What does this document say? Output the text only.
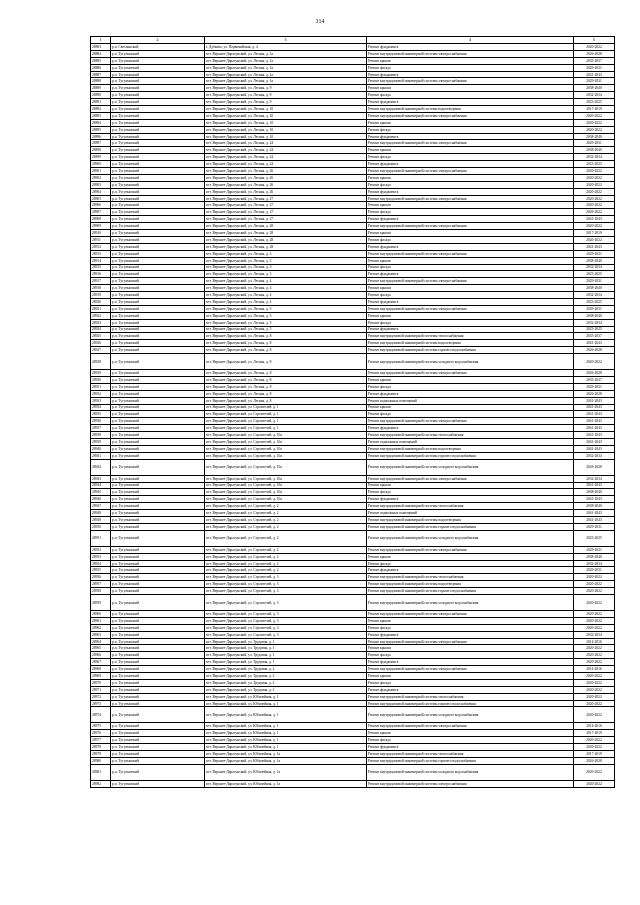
314
1	2	3	4	5
28883	р.п. Светлинский	г. Дубково, ул. Первомайская, д. 4	Ремонт фундамента	2020-2022
28884	р.п. Тугулымский	пгт. Верхнее-Дарасунский, ул. Лесная, д. 1а	Ремонт внутридомовой инженерной системы электроснабжения	2026-2028
28885	р.п. Тугулымский	пгт. Верхнее-Дарасунский, ул. Лесная, д. 1а	Ремонт крыши	2035-2037
28886	р.п. Тугулымский	пгт. Верхнее-Дарасунский, ул. Лесная, д. 1а	Ремонт фасада	2029-2031
28887	р.п. Тугулымский	пгт. Верхнее-Дарасунский, ул. Лесная, д. 1а	Ремонт фундамента	2041-2043
28888	р.п. Тугулымский	пгт. Верхнее-Дарасунский, ул. Лесная, д. 1а	Ремонт внутридомовой инженерной системы электроснабжения	2029-2031
28889	р.п. Тугулымский	пгт. Верхнее-Дарасунский, ул. Лесная, д. 9	Ремонт крыши	2038-2040
28890	р.п. Тугулымский	пгт. Верхнее-Дарасунский, ул. Лесная, д. 9	Ремонт фасада	2032-2034
28891	р.п. Тугулымский	пгт. Верхнее-Дарасунский, ул. Лесная, д. 9	Ремонт фундамента	2023-2025
28892	р.п. Тугулымский	пгт. Верхнее-Дарасунский, ул. Лесная, д. 10	Ремонт внутридомовой инженерной системы водоотведения	2017-2019
28893	р.п. Тугулымский	пгт. Верхнее-Дарасунский, ул. Лесная, д. 10	Ремонт внутридомовой инженерной системы электроснабжения	2020-2022
28894	р.п. Тугулымский	пгт. Верхнее-Дарасунский, ул. Лесная, д. 10	Ремонт крыши	2020-2022
28895	р.п. Тугулымский	пгт. Верхнее-Дарасунский, ул. Лесная, д. 10	Ремонт фасада	2020-2022
28896	р.п. Тугулымский	пгт. Верхнее-Дарасунский, ул. Лесная, д. 10	Ремонт фундамента	2038-2040
28897	р.п. Тугулымский	пгт. Верхнее-Дарасунский, ул. Лесная, д. 24	Ремонт внутридомовой инженерной системы электроснабжения	2029-2031
28898	р.п. Тугулымский	пгт. Верхнее-Дарасунский, ул. Лесная, д. 24	Ремонт крыши	2038-2040
28899	р.п. Тугулымский	пгт. Верхнее-Дарасунский, ул. Лесная, д. 24	Ремонт фасада	2032-2034
28900	р.п. Тугулымский	пгт. Верхнее-Дарасунский, ул. Лесная, д. 24	Ремонт фундамента	2023-2025
28901	р.п. Тугулымский	пгт. Верхнее-Дарасунский, ул. Лесная, д. 26	Ремонт внутридомовой инженерной системы электроснабжения	2020-2022
28902	р.п. Тугулымский	пгт. Верхнее-Дарасунский, ул. Лесная, д. 26	Ремонт крыши	2020-2022
28903	р.п. Тугулымский	пгт. Верхнее-Дарасунский, ул. Лесная, д. 26	Ремонт фасада	2020-2022
28904	р.п. Тугулымский	пгт. Верхнее-Дарасунский, ул. Лесная, д. 26	Ремонт фундамента	2020-2022
28905	р.п. Тугулымский	пгт. Верхнее-Дарасунский, ул. Лесная, д. 27	Ремонт внутридомовой инженерной системы электроснабжения	2020-2022
28906	р.п. Тугулымский	пгт. Верхнее-Дарасунский, ул. Лесная, д. 27	Ремонт крыши	2020-2022
28907	р.п. Тугулымский	пгт. Верхнее-Дарасунский, ул. Лесная, д. 27	Ремонт фасада	2026-2022
28908	р.п. Тугулымский	пгт. Верхнее-Дарасунский, ул. Лесная, д. 27	Ремонт фундамента	2041-2043
28909	р.п. Тугулымский	пгт. Верхнее-Дарасунский, ул. Лесная, д. 28	Ремонт внутридомовой инженерной системы электроснабжения	2020-2022
28910	р.п. Тугулымский	пгт. Верхнее-Дарасунский, ул. Лесная, д. 28	Ремонт крыши	2017-2019
28911	р.п. Тугулымский	пгт. Верхнее-Дарасунский, ул. Лесная, д. 28	Ремонт фасада	2020-2022
28912	р.п. Тугулымский	пгт. Верхнее-Дарасунский, ул. Лесная, д. 28	Ремонт фундамента	2041-2043
28913	р.п. Тугулымский	пгт. Верхнее-Дарасунский, ул. Лесная, д. 3	Ремонт внутридомовой инженерной системы электроснабжения	2029-2031
28914	р.п. Тугулымский	пгт. Верхнее-Дарасунский, ул. Лесная, д. 3	Ремонт крыши	2038-2040
28915	р.п. Тугулымский	пгт. Верхнее-Дарасунский, ул. Лесная, д. 3	Ремонт фасада	2032-2034
28916	р.п. Тугулымский	пгт. Верхнее-Дарасунский, ул. Лесная, д. 3	Ремонт фундамента	2023-2025
28917	р.п. Тугулымский	пгт. Верхнее-Дарасунский, ул. Лесная, д. 4	Ремонт внутридомовой инженерной системы электроснабжения	2029-2031
28918	р.п. Тугулымский	пгт. Верхнее-Дарасунский, ул. Лесная, д. 4	Ремонт крыши	2038-2040
28919	р.п. Тугулымский	пгт. Верхнее-Дарасунский, ул. Лесная, д. 4	Ремонт фасада	2032-2034
28920	р.п. Тугулымский	пгт. Верхнее-Дарасунский, ул. Лесная, д. 4	Ремонт фундамента	2023-2025
28921	р.п. Тугулымский	пгт. Верхнее-Дарасунский, ул. Лесная, д. 5	Ремонт внутридомовой инженерной системы электроснабжения	2029-2031
28922	р.п. Тугулымский	пгт. Верхнее-Дарасунский, ул. Лесная, д. 5	Ремонт крыши	2038-2040
28923	р.п. Тугулымский	пгт. Верхнее-Дарасунский, ул. Лесная, д. 5	Ремонт фасада	2032-2034
28924	р.п. Тугулымский	пгт. Верхнее-Дарасунский, ул. Лесная, д. 5	Ремонт фундамента	2023-2025
28925	р.п. Тугулымский	пгт. Верхнее-Дарасунский, ул. Лесная, д. 8	Ремонт внутридомовой инженерной системы теплоснабжения	2035-2037
28926	р.п. Тугулымский	пгт. Верхнее-Дарасунский, ул. Лесная, д. 8	Ремонт внутридомовой инженерной системы водоотведения	2041-2043
28927	р.п. Тугулымский	пгт. Верхнее-Дарасунский, ул. Лесная, д. 8	Ремонт внутридомовой инженерной системы горячего водоснабжения	2026-2028
28928	р.п. Тугулымский	пгт. Верхнее-Дарасунский, ул. Лесная, д. 8	Ремонт внутридомовой инженерной системы холодного водоснабжения	2020-2022
28929	р.п. Тугулымский	пгт. Верхнее-Дарасунский, ул. Лесная, д. 8	Ремонт внутридомовой инженерной системы электроснабжения	2026-2028
28930	р.п. Тугулымский	пгт. Верхнее-Дарасунский, ул. Лесная, д. 8	Ремонт крыши	2035-2037
28931	р.п. Тугулымский	пгт. Верхнее-Дарасунский, ул. Лесная, д. 8	Ремонт фасада	2029-2031
28932	р.п. Тугулымский	пгт. Верхнее-Дарасунский, ул. Лесная, д. 8	Ремонт фундамента	2026-2028
28933	р.п. Тугулымский	пгт. Верхнее-Дарасунский, ул. Лесная, д. 8	Ремонт подвальных помещений	2041-2043
28934	р.п. Тугулымский	пгт. Верхнее-Дарасунский, ул. Строителей, д. 1	Ремонт крыши	2041-2043
28935	р.п. Тугулымский	пгт. Верхнее-Дарасунский, ул. Строителей, д. 1	Ремонт фасада	2041-2043
28936	р.п. Тугулымский	пгт. Верхнее-Дарасунский, ул. Строителей, д. 1	Ремонт внутридомовой инженерной системы электроснабжения	2041-2043
28937	р.п. Тугулымский	пгт. Верхнее-Дарасунский, ул. Строителей, д. 1	Ремонт фундамента	2041-2043
28938	р.п. Тугулымский	пгт. Верхнее-Дарасунский, ул. Строителей, д. 10а	Ремонт внутридомовой инженерной системы теплоснабжения	2041-2043
28939	р.п. Тугулымский	пгт. Верхнее-Дарасунский, ул. Строителей, д. 10а	Ремонт подвальных помещений	2041-2043
28940	р.п. Тугулымский	пгт. Верхнее-Дарасунский, ул. Строителей, д. 10а	Ремонт внутридомовой инженерной системы водоотведения	2041-2043
28941	р.п. Тугулымский	пгт. Верхнее-Дарасунский, ул. Строителей, д. 10а	Ремонт внутридомовой инженерной системы горячего водоснабжения	2032-2034
28942	р.п. Тугулымский	пгт. Верхнее-Дарасунский, ул. Строителей, д. 10а	Ремонт внутридомовой инженерной системы холодного водоснабжения	2026-2028
28943	р.п. Тугулымский	пгт. Верхнее-Дарасунский, ул. Строителей, д. 10а	Ремонт внутридомовой инженерной системы электроснабжения	2032-2034
28944	р.п. Тугулымский	пгт. Верхнее-Дарасунский, ул. Строителей, д. 10а	Ремонт крыши	2041-2043
28945	р.п. Тугулымский	пгт. Верхнее-Дарасунский, ул. Строителей, д. 10а	Ремонт фасада	2038-2040
28946	р.п. Тугулымский	пгт. Верхнее-Дарасунский, ул. Строителей, д. 10а	Ремонт фундамента	2041-2043
28947	р.п. Тугулымский	пгт. Верхнее-Дарасунский, ул. Строителей, д. 2	Ремонт внутридомовой инженерной системы теплоснабжения	2038-2040
28948	р.п. Тугулымский	пгт. Верхнее-Дарасунский, ул. Строителей, д. 2	Ремонт подвальных помещений	2041-2043
28949	р.п. Тугулымский	пгт. Верхнее-Дарасунский, ул. Строителей, д. 2	Ремонт внутридомовой инженерной системы водоотведения	2041-2043
28950	р.п. Тугулымский	пгт. Верхнее-Дарасунский, ул. Строителей, д. 2	Ремонт внутридомовой инженерной системы горячего водоснабжения	2029-2031
28951	р.п. Тугулымский	пгт. Верхнее-Дарасунский, ул. Строителей, д. 2	Ремонт внутридомовой инженерной системы холодного водоснабжения	2023-2025
28952	р.п. Тугулымский	пгт. Верхнее-Дарасунский, ул. Строителей, д. 2	Ремонт внутридомовой инженерной системы электроснабжения	2029-2031
28953	р.п. Тугулымский	пгт. Верхнее-Дарасунский, ул. Строителей, д. 2	Ремонт крыши	2038-2040
28954	р.п. Тугулымский	пгт. Верхнее-Дарасунский, ул. Строителей, д. 2	Ремонт фасада	2032-2034
28955	р.п. Тугулымский	пгт. Верхнее-Дарасунский, ул. Строителей, д. 2	Ремонт фундамента	2029-2031
28956	р.п. Тугулымский	пгт. Верхнее-Дарасунский, ул. Строителей, д. 3	Ремонт внутридомовой инженерной системы теплоснабжения	2020-2022
28957	р.п. Тугулымский	пгт. Верхнее-Дарасунский, ул. Строителей, д. 3	Ремонт внутридомовой инженерной системы водоотведения	2020-2022
28958	р.п. Тугулымский	пгт. Верхнее-Дарасунский, ул. Строителей, д. 3	Ремонт внутридомовой инженерной системы горячего водоснабжения	2020-2022
28959	р.п. Тугулымский	пгт. Верхнее-Дарасунский, ул. Строителей, д. 3	Ремонт внутридомовой инженерной системы холодного водоснабжения	2020-2022
28960	р.п. Тугулымский	пгт. Верхнее-Дарасунский, ул. Строителей, д. 3	Ремонт внутридомовой инженерной системы электроснабжения	2020-2022
28961	р.п. Тугулымский	пгт. Верхнее-Дарасунский, ул. Строителей, д. 3	Ремонт крыши	2020-2022
28962	р.п. Тугулымский	пгт. Верхнее-Дарасунский, ул. Строителей, д. 3	Ремонт фасада	2020-2022
28963	р.п. Тугулымский	пгт. Верхнее-Дарасунский, ул. Строителей, д. 3	Ремонт фундамента	2032-2034
28964	р.п. Тугулымский	пгт. Верхнее-Дарасунский, ул. Трудовая, д. 1	Ремонт внутридомовой инженерной системы электроснабжения	2014-2016
28965	р.п. Тугулымский	пгт. Верхнее-Дарасунский, ул. Трудовая, д. 1	Ремонт крыши	2020-2022
28966	р.п. Тугулымский	пгт. Верхнее-Дарасунский, ул. Трудовая, д. 1	Ремонт фасада	2020-2022
28967	р.п. Тугулымский	пгт. Верхнее-Дарасунский, ул. Трудовая, д. 1	Ремонт фундамента	2020-2022
28968	р.п. Тугулымский	пгт. Верхнее-Дарасунский, ул. Трудовая, д. 2	Ремонт внутридомовой инженерной системы электроснабжения	2014-2016
28969	р.п. Тугулымский	пгт. Верхнее-Дарасунский, ул. Трудовая, д. 2	Ремонт крыши	2020-2022
28970	р.п. Тугулымский	пгт. Верхнее-Дарасунский, ул. Трудовая, д. 2	Ремонт фасада	2020-2022
28971	р.п. Тугулымский	пгт. Верхнее-Дарасунский, ул. Трудовая, д. 2	Ремонт фундамента	2020-2022
28972	р.п. Тугулымский	пгт. Верхнее-Дарасунский, ул. Юбилейная, д. 1	Ремонт внутридомовой инженерной системы теплоснабжения	2020-2022
28973	р.п. Тугулымский	пгт. Верхнее-Дарасунский, ул. Юбилейная, д. 1	Ремонт внутридомовой инженерной системы горячего водоснабжения	2020-2022
28974	р.п. Тугулымский	пгт. Верхнее-Дарасунский, ул. Юбилейная, д. 1	Ремонт внутридомовой инженерной системы холодного водоснабжения	2020-2022
28975	р.п. Тугулымский	пгт. Верхнее-Дарасунский, ул. Юбилейная, д. 1	Ремонт внутридомовой инженерной системы электроснабжения	2014-2016
28976	р.п. Тугулымский	пгт. Верхнее-Дарасунский, ул. Юбилейная, д. 1	Ремонт крыши	2017-2019
28977	р.п. Тугулымский	пгт. Верхнее-Дарасунский, ул. Юбилейная, д. 1	Ремонт фасада	2020-2022
28978	р.п. Тугулымский	пгт. Верхнее-Дарасунский, ул. Юбилейная, д. 1	Ремонт фундамента	2020-2022
28979	р.п. Тугулымский	пгт. Верхнее-Дарасунский, ул. Юбилейная, д. 1а	Ремонт внутридомовой инженерной системы теплоснабжения	2017-2019
28980	р.п. Тугулымский	пгт. Верхнее-Дарасунский, ул. Юбилейная, д. 1а	Ремонт внутридомовой инженерной системы горячего водоснабжения	2026-2028
28981	р.п. Тугулымский	пгт. Верхнее-Дарасунский, ул. Юбилейная, д. 1а	Ремонт внутридомовой инженерной системы холодного водоснабжения	2020-2022
28982	р.п. Тугулымский	пгт. Верхнее-Дарасунский, ул. Юбилейная, д. 1а	Ремонт внутридомовой инженерной системы электроснабжения	2020-2022
